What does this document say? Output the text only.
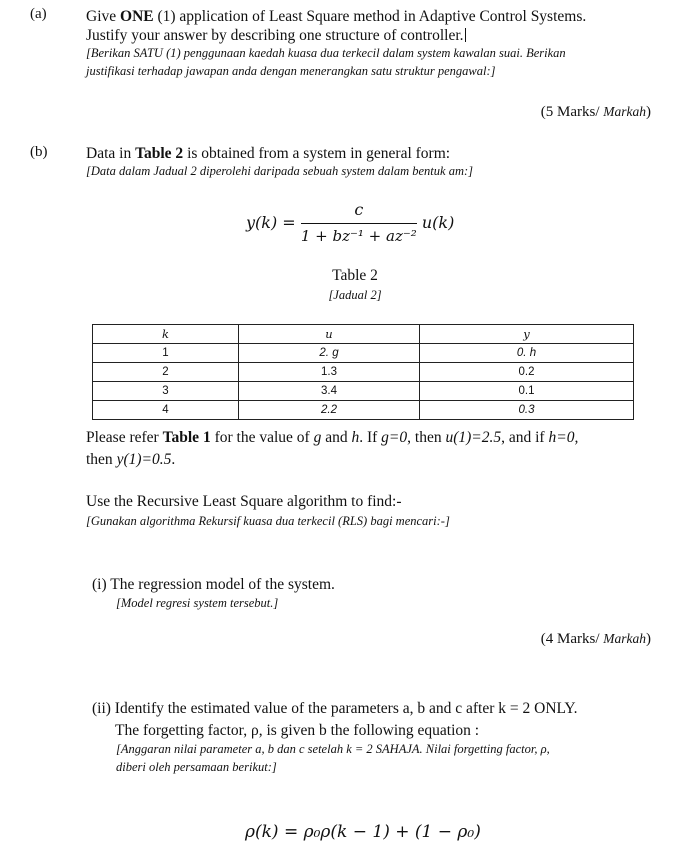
(a)	Give ONE (1) application of Least Square method in Adaptive Control Systems.
Justify your answer by describing one structure of controller.
[Berikan SATU (1) penggunaan kaedah kuasa dua terkecil dalam system kawalan suai. Berikan
justifikasi terhadap jawapan anda dengan menerangkan satu struktur pengawal:]
(5 Marks/ Markah)
(b) Data in Table 2 is obtained from a system in general form:
[Data dalam Jadual 2 diperolehi daripada sebuah system dalam bentuk am:]
$y(k) = \frac{c}{\text{1 + bz⁻¹ + az⁻²}} u(k)$
Table 2
[Jadual 2]
k	u	y
1	2. g	0. h
2	1.3	0.2
3	3.4	0.1
4	2.2	0.3
Please refer Table 1 for the value of g and h. If g=0, then u(1)=2.5, and if h=0,
then y(1)=0.5.
Use the Recursive Least Square algorithm to find:-
[Gunakan algorithma Rekursif kuasa dua terkecil (RLS) bagi mencari:-]
(i) The regression model of the system.
[Model regresi system tersebut.]
(4 Marks/ Markah)
(ii) Identify the estimated value of the parameters a, b and c after k = 2 ONLY.
The forgetting factor, ρ, is given b the following equation :
[Anggaran nilai parameter a, b dan c setelah k = 2 SAHAJA. Nilai forgetting factor, ρ,
diberi oleh persamaan berikut:]
ρ(k) = ρ₀ρ(k − 1) + (1 − ρ₀)
